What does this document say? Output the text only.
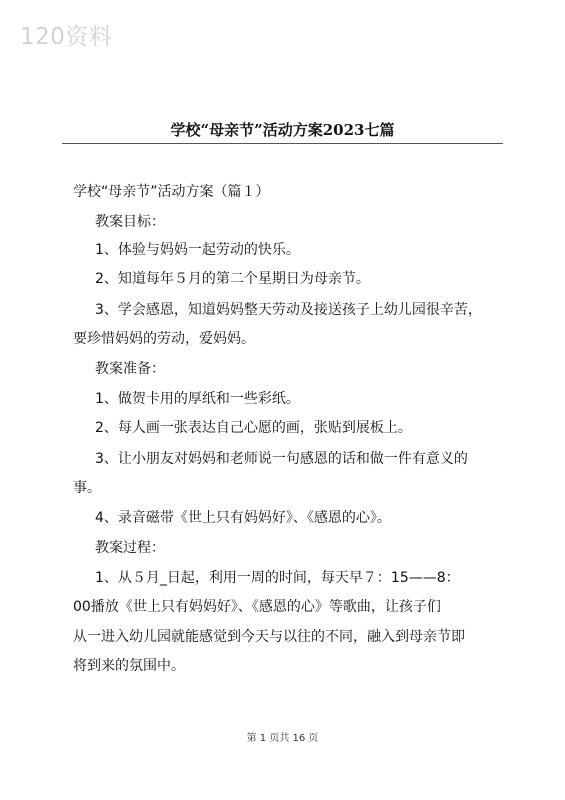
120资料
学校“母亲节”活动方案2023七篇
学校“母亲节”活动方案（篇１）
教案目标：
1、体验与妈妈一起劳动的快乐。
2、知道每年５月的第二个星期日为母亲节。
3、学会感恩，知道妈妈整天劳动及接送孩子上幼儿园很辛苦，
要珍惜妈妈的劳动，爱妈妈。
教案准备：
1、做贺卡用的厚纸和一些彩纸。
2、每人画一张表达自己心愿的画，张贴到展板上。
3、让小朋友对妈妈和老师说一句感恩的话和做一件有意义的
事。
4、录音磁带《世上只有妈妈好》、《感恩的心》。
教案过程：
1、从５月_日起，利用一周的时间，每天早７：15——8：
00播放《世上只有妈妈好》、《感恩的心》等歌曲，让孩子们
从一进入幼儿园就能感觉到今天与以往的不同，融入到母亲节即
将到来的氛围中。
第 1 页共 16 页
